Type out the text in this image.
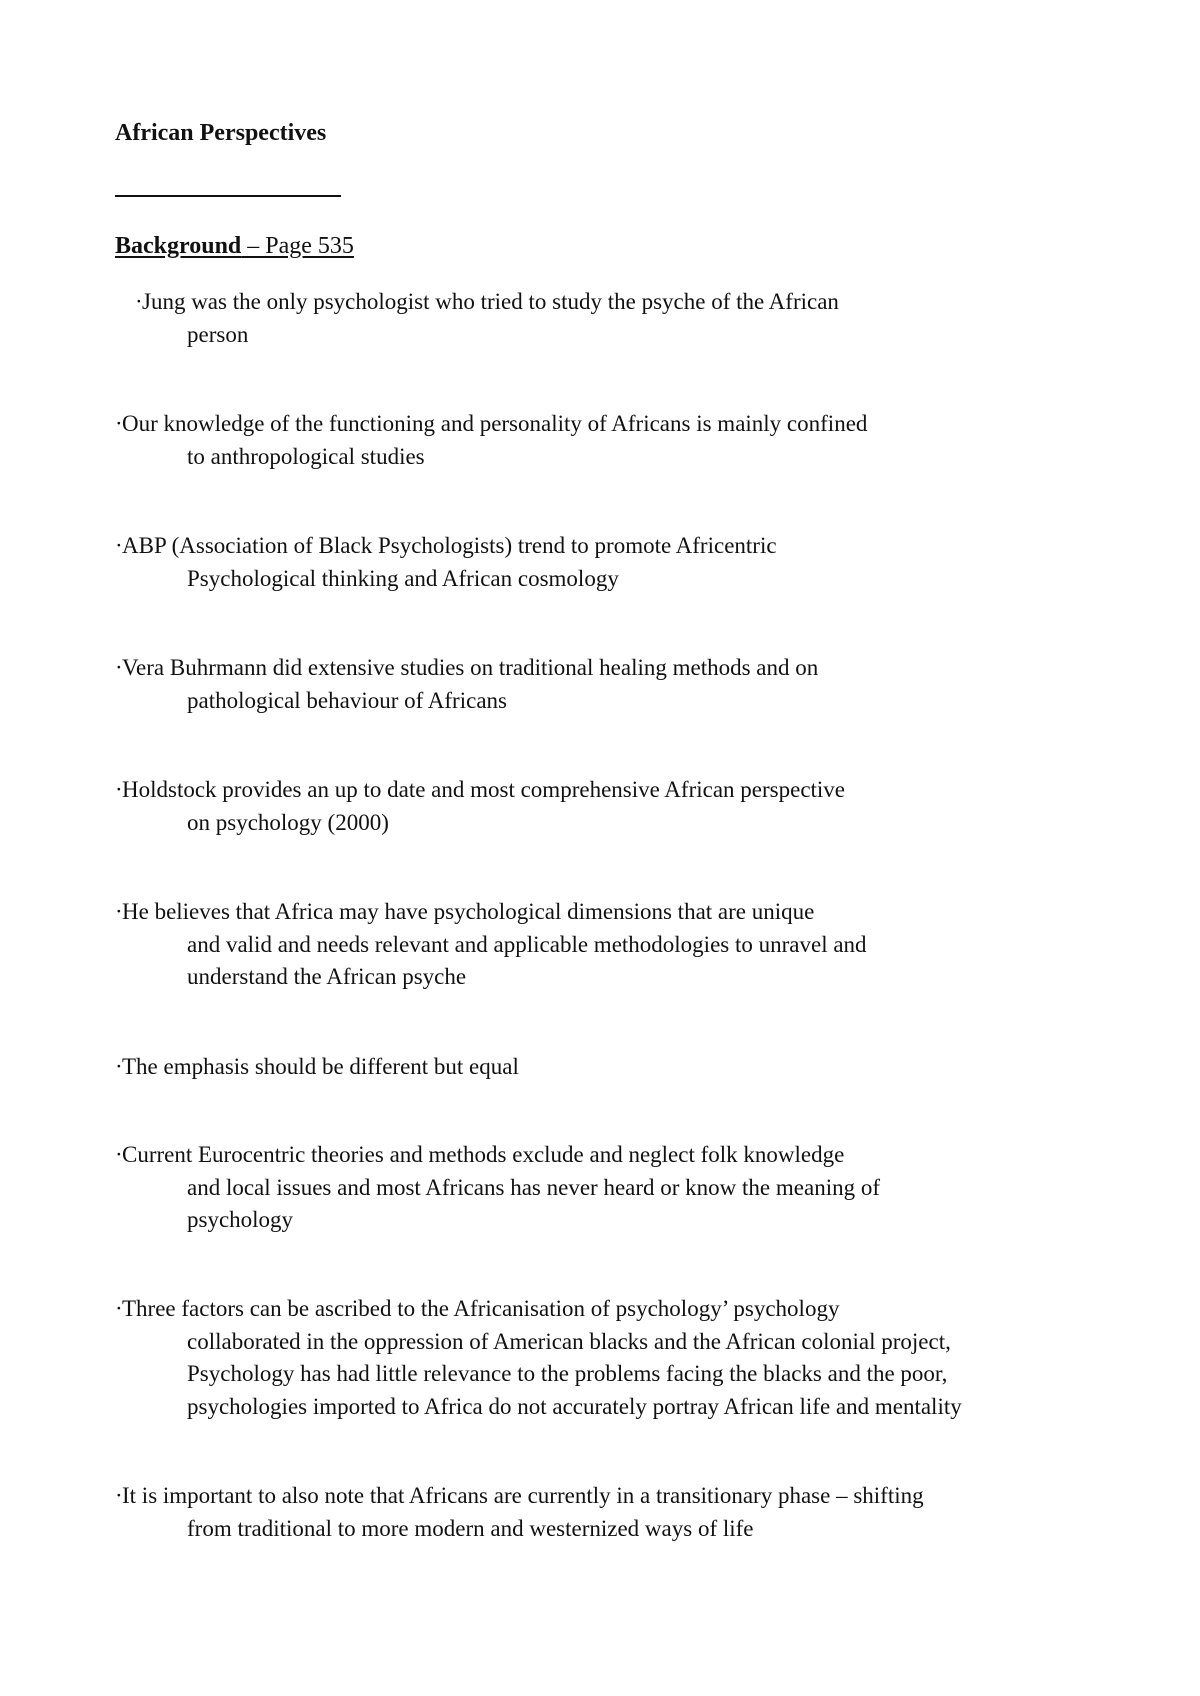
African Perspectives
Background – Page 535
·Jung was the only psychologist who tried to study the psyche of the African
person
·Our knowledge of the functioning and personality of Africans is mainly confined
to anthropological studies
·ABP (Association of Black Psychologists) trend to promote Africentric
Psychological thinking and African cosmology
·Vera Buhrmann did extensive studies on traditional healing methods and on
pathological behaviour of Africans
·Holdstock provides an up to date and most comprehensive African perspective
on psychology (2000)
·He believes that Africa may have psychological dimensions that are unique
and valid and needs relevant and applicable methodologies to unravel and
understand the African psyche
·The emphasis should be different but equal
·Current Eurocentric theories and methods exclude and neglect folk knowledge
and local issues and most Africans has never heard or know the meaning of
psychology
·Three factors can be ascribed to the Africanisation of psychology’ psychology
collaborated in the oppression of American blacks and the African colonial project,
Psychology has had little relevance to the problems facing the blacks and the poor,
psychologies imported to Africa do not accurately portray African life and mentality
·It is important to also note that Africans are currently in a transitionary phase – shifting
from traditional to more modern and westernized ways of life
